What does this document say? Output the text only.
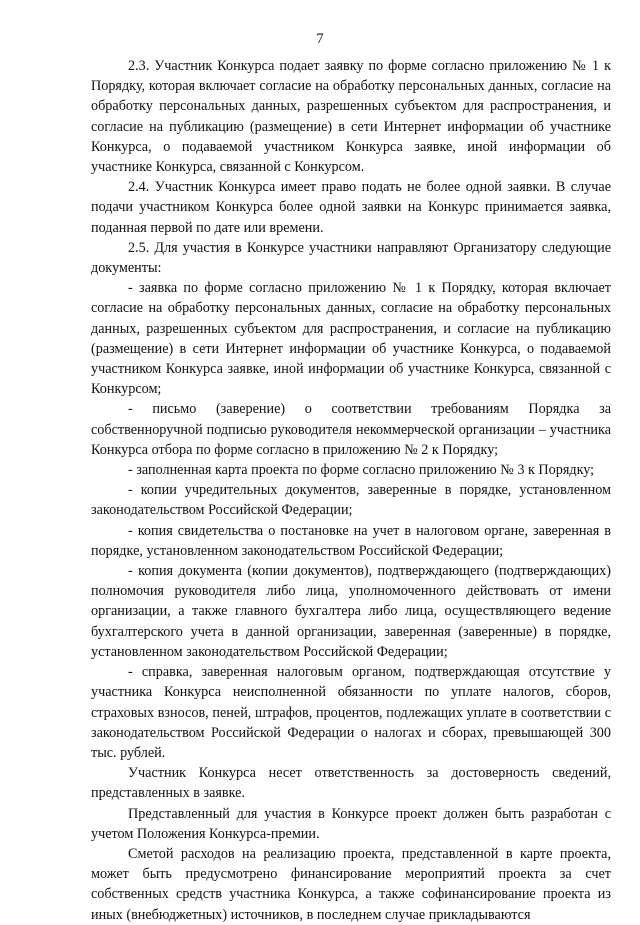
7

2.3. Участник Конкурса подает заявку по форме согласно приложению № 1 к Порядку, которая включает согласие на обработку персональных данных, согласие на обработку персональных данных, разрешенных субъектом для распространения, и согласие на публикацию (размещение) в сети Интернет информации об участнике Конкурса, о подаваемой участником Конкурса заявке, иной информации об участнике Конкурса, связанной с Конкурсом.

2.4. Участник Конкурса имеет право подать не более одной заявки. В случае подачи участником Конкурса более одной заявки на Конкурс принимается заявка, поданная первой по дате или времени.

2.5. Для участия в Конкурсе участники направляют Организатору следующие документы:

- заявка по форме согласно приложению № 1 к Порядку, которая включает согласие на обработку персональных данных, согласие на обработку персональных данных, разрешенных субъектом для распространения, и согласие на публикацию (размещение) в сети Интернет информации об участнике Конкурса, о подаваемой участником Конкурса заявке, иной информации об участнике Конкурса, связанной с Конкурсом;

- письмо (заверение) о соответствии требованиям Порядка за собственноручной подписью руководителя некоммерческой организации – участника Конкурса отбора по форме согласно в приложению № 2 к Порядку;

- заполненная карта проекта по форме согласно приложению № 3 к Порядку;

- копии учредительных документов, заверенные в порядке, установленном законодательством Российской Федерации;

- копия свидетельства о постановке на учет в налоговом органе, заверенная в порядке, установленном законодательством Российской Федерации;

- копия документа (копии документов), подтверждающего (подтверждающих) полномочия руководителя либо лица, уполномоченного действовать от имени организации, а также главного бухгалтера либо лица, осуществляющего ведение бухгалтерского учета в данной организации, заверенная (заверенные) в порядке, установленном законодательством Российской Федерации;

- справка, заверенная налоговым органом, подтверждающая отсутствие у участника Конкурса неисполненной обязанности по уплате налогов, сборов, страховых взносов, пеней, штрафов, процентов, подлежащих уплате в соответствии с законодательством Российской Федерации о налогах и сборах, превышающей 300 тыс. рублей.

Участник Конкурса несет ответственность за достоверность сведений, представленных в заявке.

Представленный для участия в Конкурсе проект должен быть разработан с учетом Положения Конкурса-премии.

Сметой расходов на реализацию проекта, представленной в карте проекта, может быть предусмотрено финансирование мероприятий проекта за счет собственных средств участника Конкурса, а также софинансирование проекта из иных (внебюджетных) источников, в последнем случае прикладываются
